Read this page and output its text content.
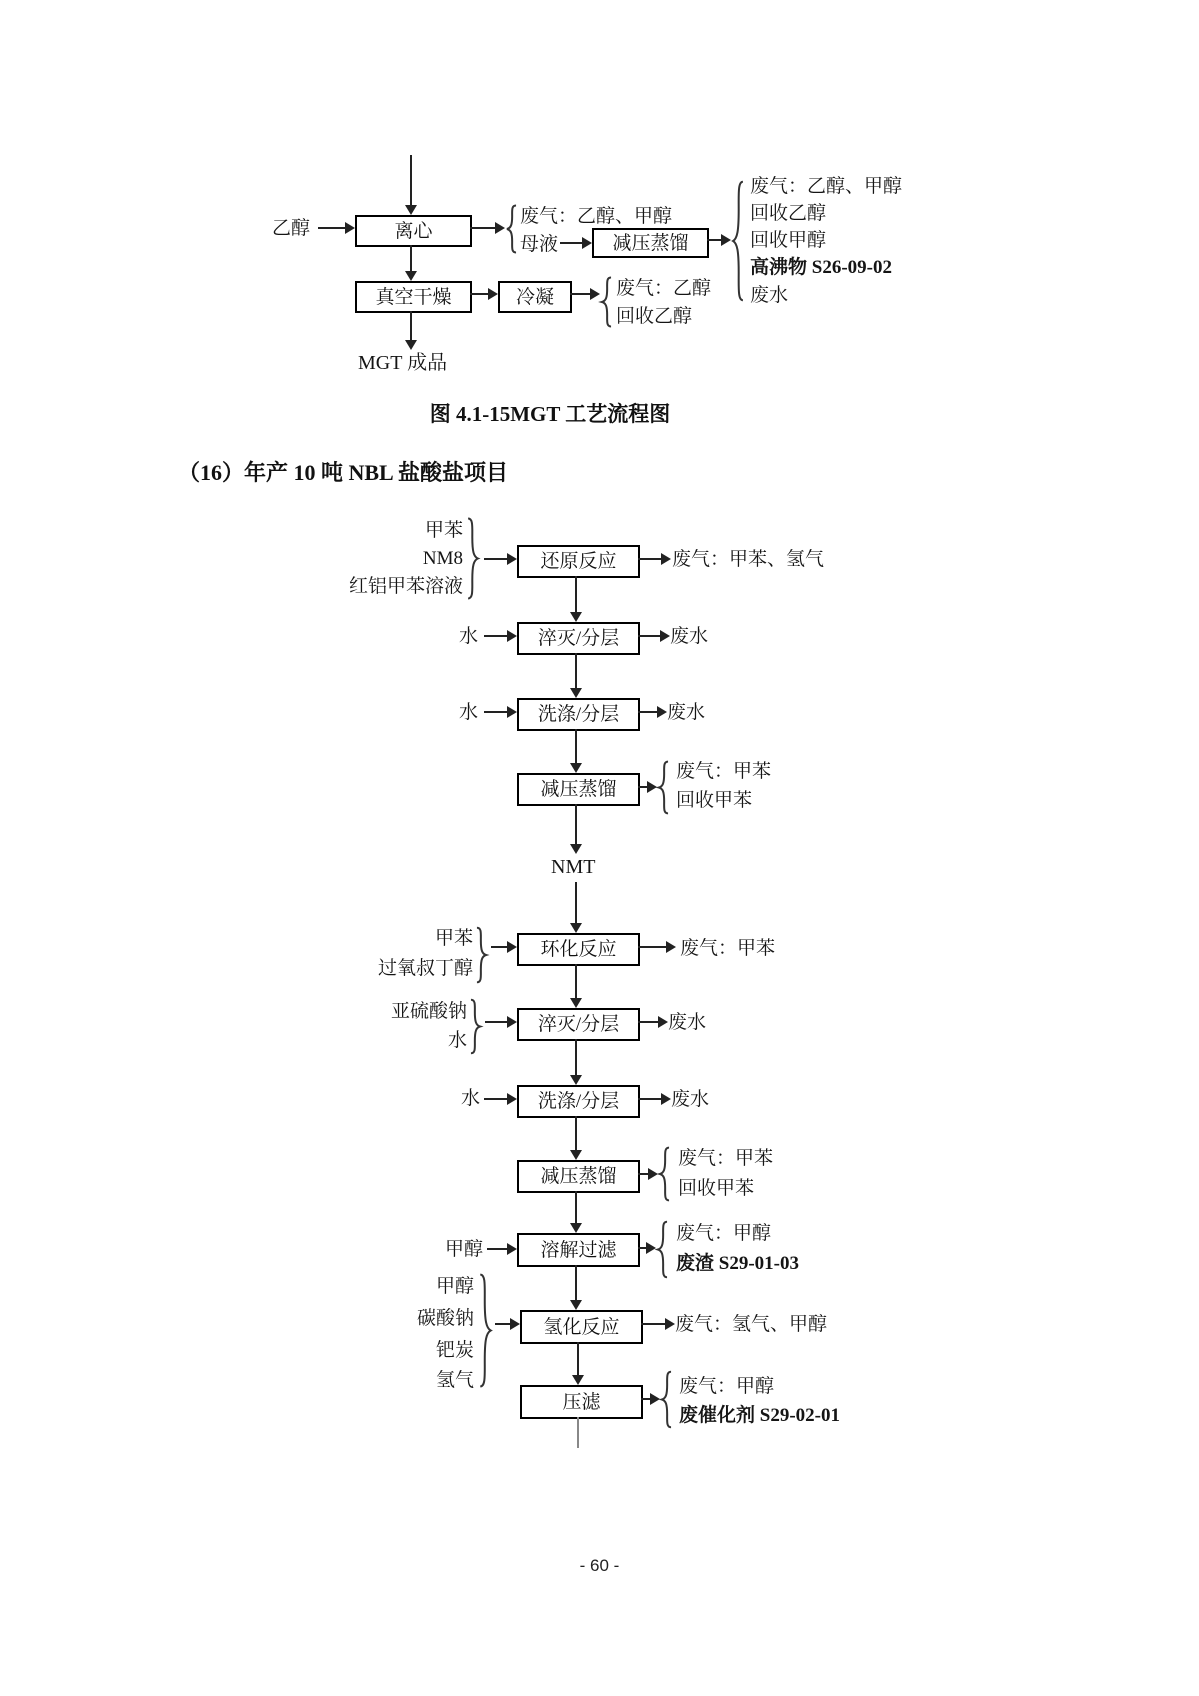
乙醇	离心
废气：乙醇、甲醇
母液	减压蒸馏
废气：乙醇、甲醇
回收乙醇
回收甲醇
高沸物 S26-09-02
废水
真空干燥	冷凝	废气：乙醇
回收乙醇
MGT 成品
图 4.1-15MGT 工艺流程图
（16）年产 10 吨 NBL 盐酸盐项目
甲苯
NM8
红铝甲苯溶液
还原反应	废气：甲苯、氢气
水	淬灭/分层	废水
水	洗涤/分层	废水
减压蒸馏
废气：甲苯
回收甲苯
NMT
甲苯
过氧叔丁醇
环化反应	废气：甲苯
亚硫酸钠
水
淬灭/分层	废水
水	洗涤/分层	废水
减压蒸馏
废气：甲苯
回收甲苯
甲醇	溶解过滤
废气：甲醇
废渣 S29-01-03
甲醇
碳酸钠
钯炭
氢气
氢化反应	废气：氢气、甲醇
压滤
废气：甲醇
废催化剂 S29-02-01
- 60 -
